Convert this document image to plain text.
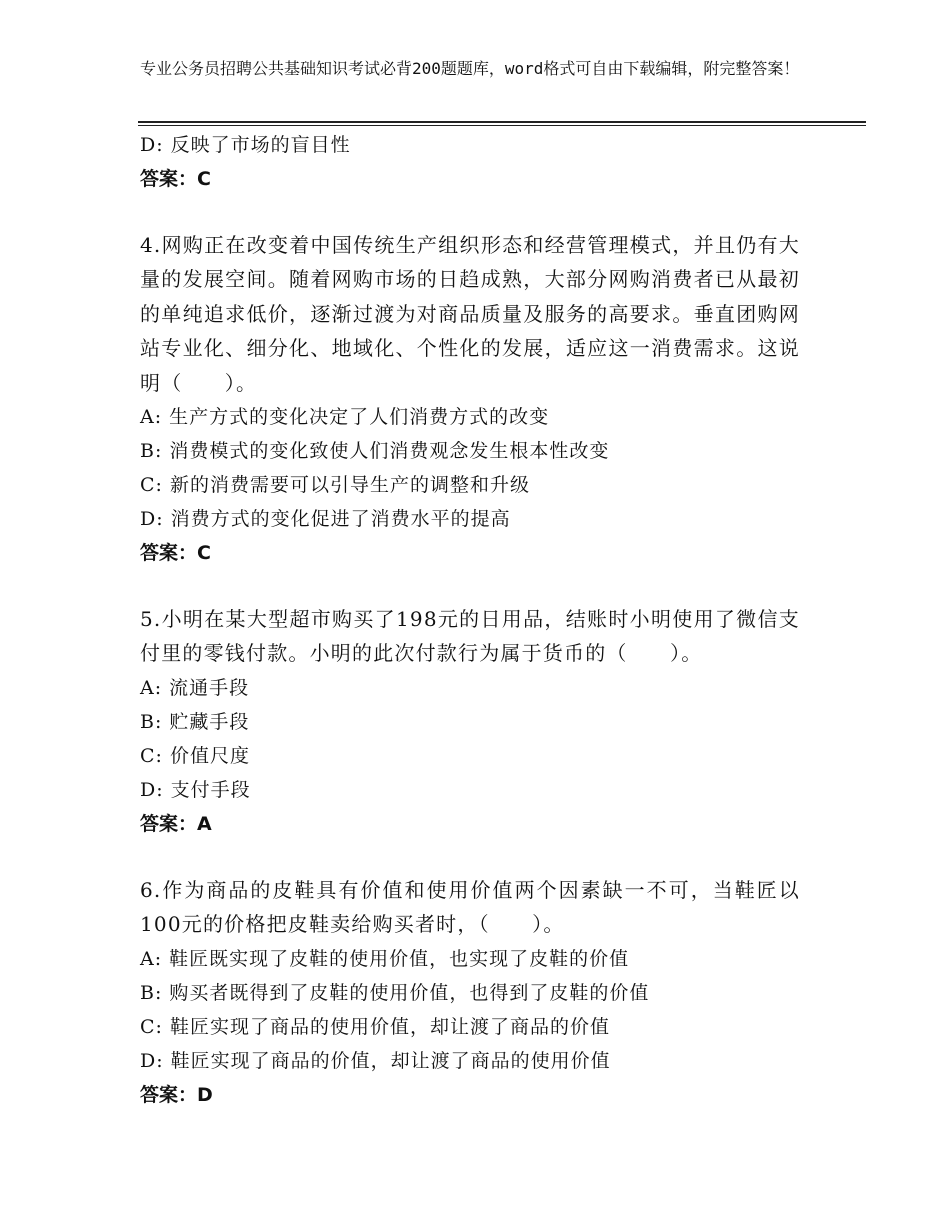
专业公务员招聘公共基础知识考试必背200题题库，word格式可自由下载编辑，附完整答案！
D: 反映了市场的盲目性
答案：C
4.网购正在改变着中国传统生产组织形态和经营管理模式，并且仍有大量的发展空间。随着网购市场的日趋成熟，大部分网购消费者已从最初的单纯追求低价，逐渐过渡为对商品质量及服务的高要求。垂直团购网站专业化、细分化、地域化、个性化的发展，适应这一消费需求。这说明（　　）。
A: 生产方式的变化决定了人们消费方式的改变
B: 消费模式的变化致使人们消费观念发生根本性改变
C: 新的消费需要可以引导生产的调整和升级
D: 消费方式的变化促进了消费水平的提高
答案：C
5.小明在某大型超市购买了198元的日用品，结账时小明使用了微信支付里的零钱付款。小明的此次付款行为属于货币的（　　）。
A: 流通手段
B: 贮藏手段
C: 价值尺度
D: 支付手段
答案：A
6.作为商品的皮鞋具有价值和使用价值两个因素缺一不可，当鞋匠以100元的价格把皮鞋卖给购买者时，（　　）。
A: 鞋匠既实现了皮鞋的使用价值，也实现了皮鞋的价值
B: 购买者既得到了皮鞋的使用价值，也得到了皮鞋的价值
C: 鞋匠实现了商品的使用价值，却让渡了商品的价值
D: 鞋匠实现了商品的价值，却让渡了商品的使用价值
答案：D
